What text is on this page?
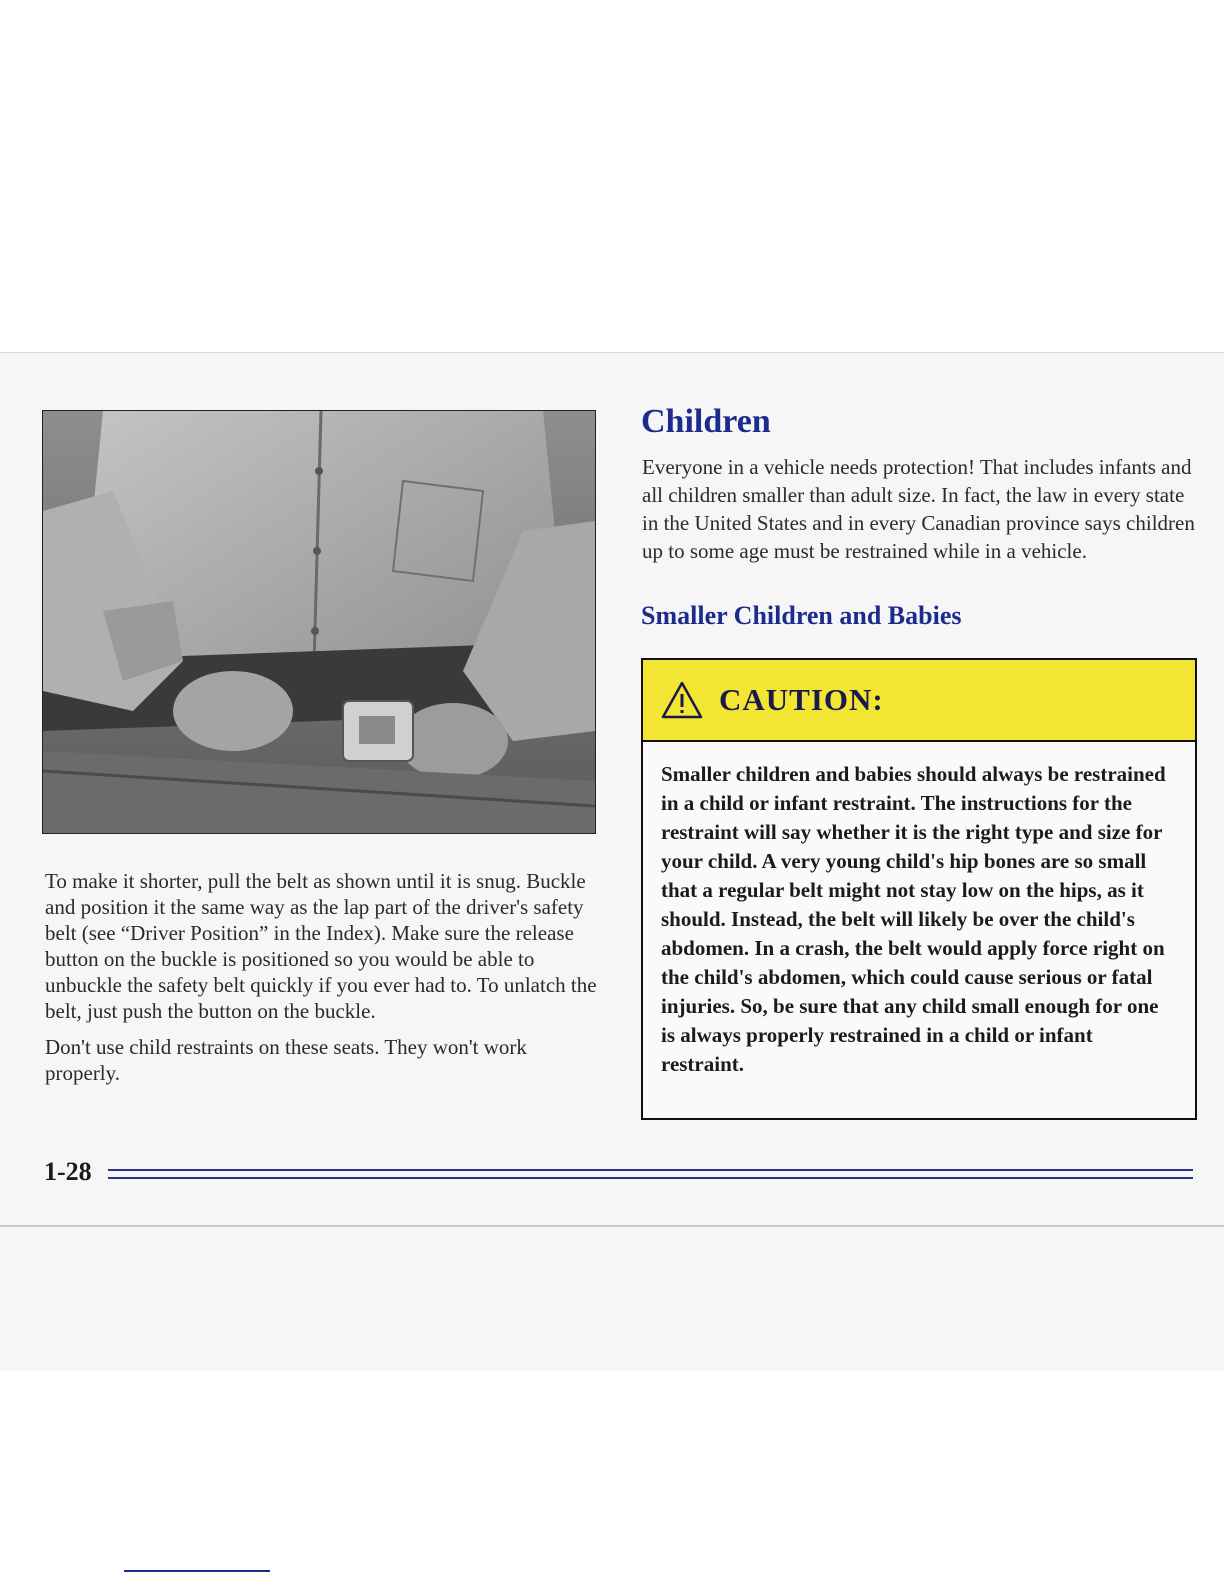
To make it shorter, pull the belt as shown until it is snug. Buckle and position it the same way as the lap part of the driver's safety belt (see “Driver Position” in the Index). Make sure the release button on the buckle is positioned so you would be able to unbuckle the safety belt quickly if you ever had to. To unlatch the belt, just push the button on the buckle.

Don't use child restraints on these seats. They won't work properly.

Children

Everyone in a vehicle needs protection! That includes infants and all children smaller than adult size. In fact, the law in every state in the United States and in every Canadian province says children up to some age must be restrained while in a vehicle.

Smaller Children and Babies
CAUTION:

Smaller children and babies should always be restrained in a child or infant restraint. The instructions for the restraint will say whether it is the right type and size for your child. A very young child's hip bones are so small that a regular belt might not stay low on the hips, as it should. Instead, the belt will likely be over the child's abdomen. In a crash, the belt would apply force right on the child's abdomen, which could cause serious or fatal injuries. So, be sure that any child small enough for one is always properly restrained in a child or infant restraint.

1-28
